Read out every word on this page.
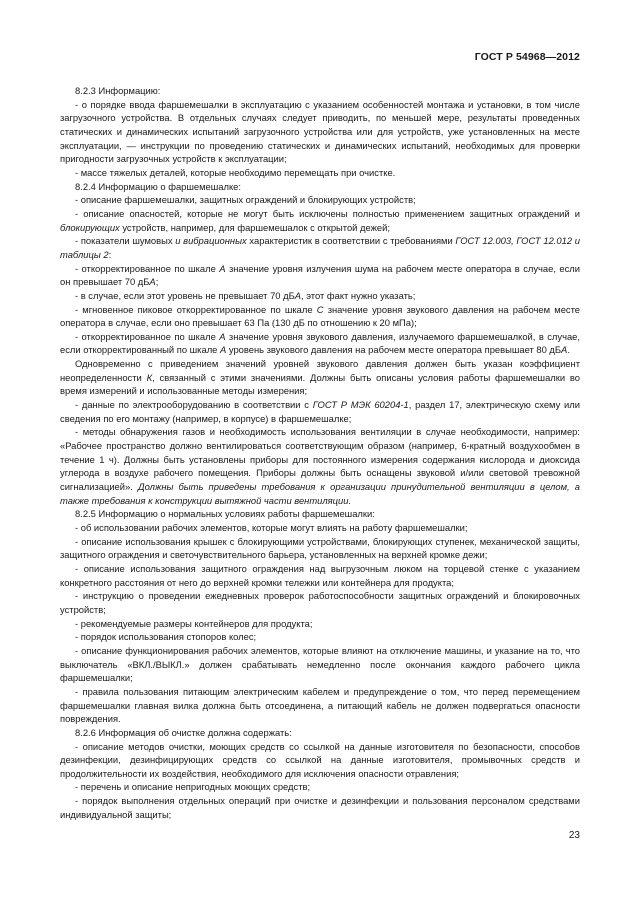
ГОСТ Р 54968—2012

8.2.3 Информацию:

- о порядке ввода фаршемешалки в эксплуатацию с указанием особенностей монтажа и установки, в том числе загрузочного устройства. В отдельных случаях следует приводить, по меньшей мере, результаты проведенных статических и динамических испытаний загрузочного устройства или для устройств, уже установленных на месте эксплуатации, — инструкции по проведению статических и динамических испытаний, необходимых для проверки пригодности загрузочных устройств к эксплуатации;

- массе тяжелых деталей, которые необходимо перемещать при очистке.

8.2.4 Информацию о фаршемешалке:

- описание фаршемешалки, защитных ограждений и блокирующих устройств;

- описание опасностей, которые не могут быть исключены полностью применением защитных ограждений и блокирующих устройств, например, для фаршемешалок с открытой дежей;

- показатели шумовых и вибрационных характеристик в соответствии с требованиями ГОСТ 12.003, ГОСТ 12.012 и таблицы 2:

- откорректированное по шкале А значение уровня излучения шума на рабочем месте оператора в случае, если он превышает 70 дБА;

- в случае, если этот уровень не превышает 70 дБА, этот факт нужно указать;

- мгновенное пиковое откорректированное по шкале С значение уровня звукового давления на рабочем месте оператора в случае, если оно превышает 63 Па (130 дБ по отношению к 20 мПа);

- откорректированное по шкале А значение уровня звукового давления, излучаемого фаршемешалкой, в случае, если откорректированный по шкале А уровень звукового давления на рабочем месте оператора превышает 80 дБА.

Одновременно с приведением значений уровней звукового давления должен быть указан коэффициент неопределенности К, связанный с этими значениями. Должны быть описаны условия работы фаршемешалки во время измерений и использованные методы измерения;

- данные по электрооборудованию в соответствии с ГОСТ Р МЭК 60204-1, раздел 17, электрическую схему или сведения по его монтажу (например, в корпусе) в фаршемешалке;

- методы обнаружения газов и необходимость использования вентиляции в случае необходимости, например: «Рабочее пространство должно вентилироваться соответствующим образом (например, 6-кратный воздухообмен в течение 1 ч). Должны быть установлены приборы для постоянного измерения содержания кислорода и диоксида углерода в воздухе рабочего помещения. Приборы должны быть оснащены звуковой и/или световой тревожной сигнализацией». Должны быть приведены требования к организации принудительной вентиляции в целом, а также требования к конструкции вытяжной части вентиляции.

8.2.5 Информацию о нормальных условиях работы фаршемешалки:

- об использовании рабочих элементов, которые могут влиять на работу фаршемешалки;

- описание использования крышек с блокирующими устройствами, блокирующих ступенек, механической защиты, защитного ограждения и светочувствительного барьера, установленных на верхней кромке дежи;

- описание использования защитного ограждения над выгрузочным люком на торцевой стенке с указанием конкретного расстояния от него до верхней кромки тележки или контейнера для продукта;

- инструкцию о проведении ежедневных проверок работоспособности защитных ограждений и блокировочных устройств;

- рекомендуемые размеры контейнеров для продукта;

- порядок использования стопоров колес;

- описание функционирования рабочих элементов, которые влияют на отключение машины, и указание на то, что выключатель «ВКЛ./ВЫКЛ.» должен срабатывать немедленно после окончания каждого рабочего цикла фаршемешалки;

- правила пользования питающим электрическим кабелем и предупреждение о том, что перед перемещением фаршемешалки главная вилка должна быть отсоединена, а питающий кабель не должен подвергаться опасности повреждения.

8.2.6 Информация об очистке должна содержать:

- описание методов очистки, моющих средств со ссылкой на данные изготовителя по безопасности, способов дезинфекции, дезинфицирующих средств со ссылкой на данные изготовителя, промывочных средств и продолжительности их воздействия, необходимого для исключения опасности отравления;

- перечень и описание непригодных моющих средств;

- порядок выполнения отдельных операций при очистке и дезинфекции и пользования персоналом средствами индивидуальной защиты;

23
